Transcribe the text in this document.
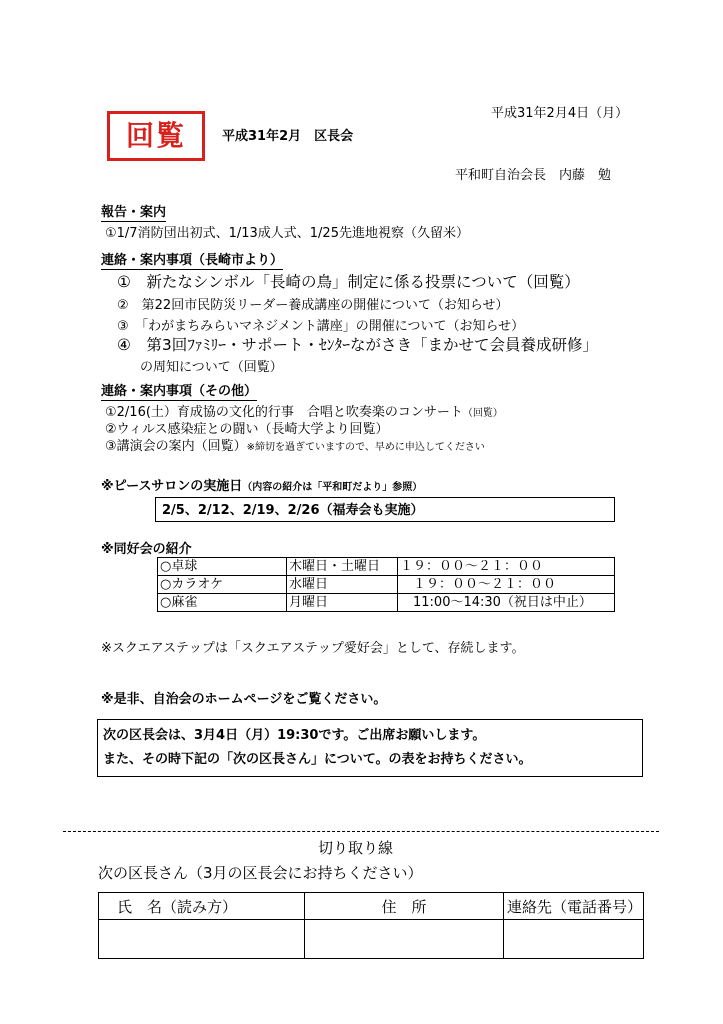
回覧	平成31年2月　区長会
平成31年2月4日（月）
平和町自治会長　内藤　勉
報告・案内
①1/7消防団出初式、1/13成人式、1/25先進地視察（久留米）
連絡・案内事項（長崎市より）
①　新たなシンボル「長崎の鳥」制定に係る投票について（回覧）
②　第22回市民防災リーダー養成講座の開催について（お知らせ）
③　「わがまちみらいマネジメント講座」の開催について（お知らせ）
④　第3回ﾌｧﾐﾘｰ・サポート・ｾﾝﾀｰながさき「まかせて会員養成研修」
の周知について（回覧）
連絡・案内事項（その他）
①2/16(土）育成協の文化的行事　合唱と吹奏楽のコンサート（回覧）
②ウィルス感染症との闘い（長崎大学より回覧）
③講演会の案内（回覧）※締切を過ぎていますので、早めに申込してください
※ピースサロンの実施日（内容の紹介は「平和町だより」参照）
2/5、2/12、2/19、2/26（福寿会も実施）
※同好会の紹介
○卓球	木曜日・土曜日	１９：００～２１：００
○カラオケ	水曜日	　１９：００～２１：００
○麻雀	月曜日	　11:00～14:30（祝日は中止）
※スクエアステップは「スクエアステップ愛好会」として、存続します。
※是非、自治会のホームページをご覧ください。
次の区長会は、3月4日（月）19:30です。ご出席お願いします。
また、その時下記の「次の区長さん」について。の表をお持ちください。
切り取り線
次の区長さん（3月の区長会にお持ちください）
氏　名（読み方）	住　所	連絡先（電話番号）
